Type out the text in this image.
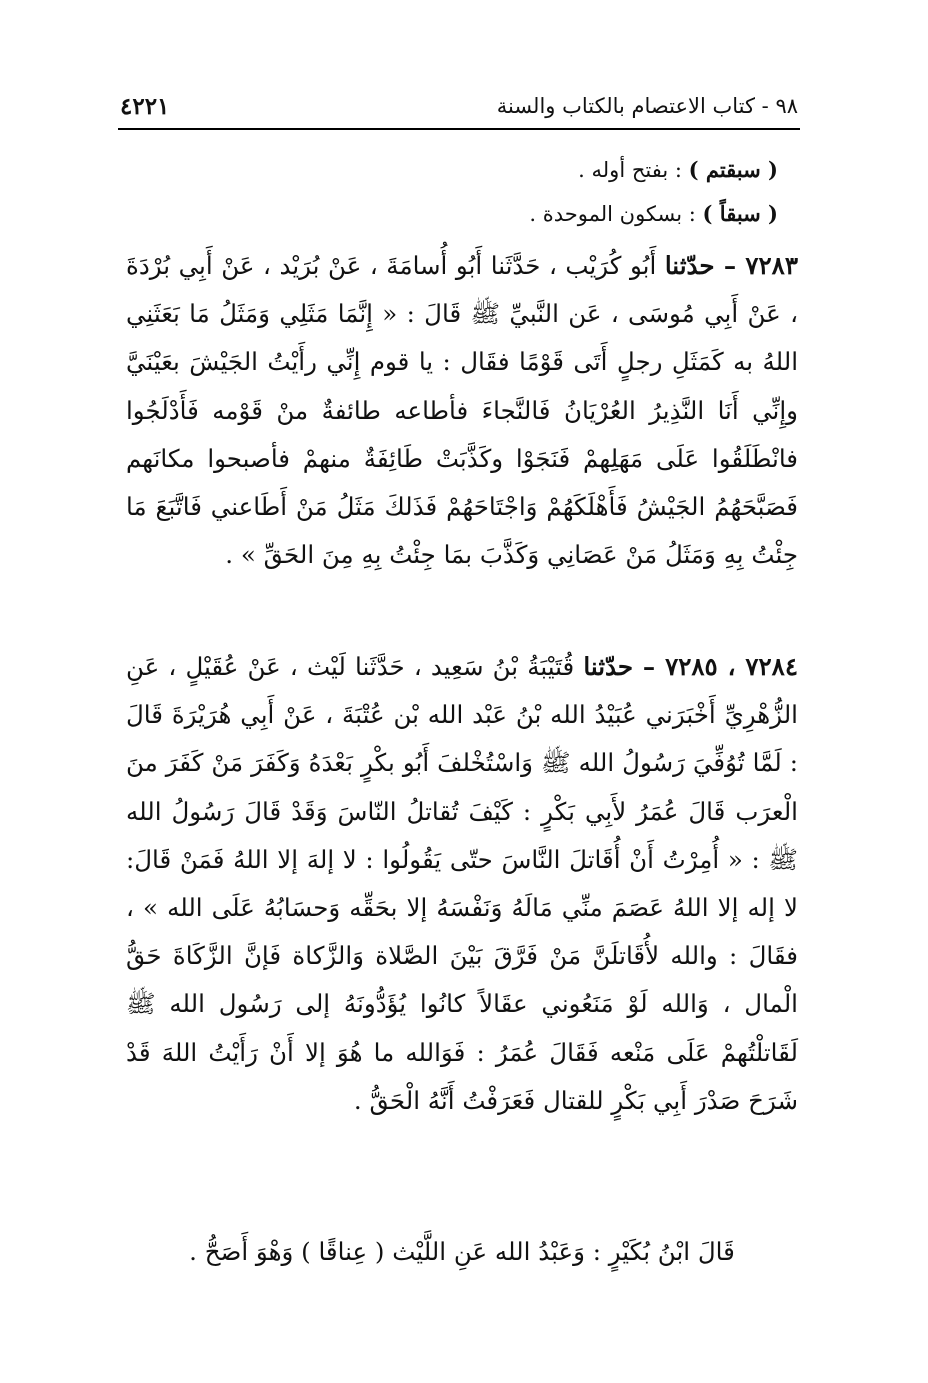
٩٨ - كتاب الاعتصام بالكتاب والسنة
٤٢٢١
( سبقتم ) : بفتح أوله .
( سبقاً ) : بسكون الموحدة .
٧٢٨٣ – حدّثنا أَبُو كُرَيْب ، حَدَّثَنا أَبُو أُسامَةَ ، عَنْ بُرَيْد ، عَنْ أَبِي بُرْدَةَ ، عَنْ أَبِي مُوسَى ، عَن النَّبيِّ ﷺ قَالَ : « إِنَّمَا مَثَلِي وَمَثَلُ مَا بَعَثَنِي اللهُ به كَمَثَلِ رجلٍ أَتَى قَوْمًا فقَال : يا قوم إِنِّي رأَيْتُ الجَيْشَ بعَيْنَيَّ وإِنِّي أَنَا النَّذِيرُ العُرْيَانُ فَالنَّجاءَ فأطاعه طائفةٌ منْ قَوْمه فَأَدْلَجُوا فانْطَلَقُوا عَلَى مَهَلِهمْ فَنَجَوْا وكَذَّبَتْ طَائِفَةٌ منهمْ فأصبحوا مكانَهم فَصَبَّحَهُمُ الجَيْشُ فَأَهْلَكَهُمْ وَاجْتَاحَهُمْ فَذَلكَ مَثَلُ مَنْ أَطَاعني فَاتَّبَعَ مَا جِئْتُ بِهِ وَمَثَلُ مَنْ عَصَانِي وَكَذَّبَ بمَا جِئْتُ بِهِ مِنَ الحَقِّ » .
٧٢٨٤ ، ٧٢٨٥ – حدّثنا قُتَيْبَةُ بْنُ سَعِيد ، حَدَّثَنا لَيْث ، عَنْ عُقَيْلٍ ، عَنِ الزُّهْرِيِّ أَخْبَرَني عُبَيْدُ الله بْنُ عَبْد الله بْن عُتْبَةَ ، عَنْ أَبِي هُرَيْرَةَ قَالَ : لَمَّا تُوُفِّيَ رَسُولُ الله ﷺ وَاسْتُخْلفَ أَبُو بكْرٍ بَعْدَهُ وَكَفَرَ مَنْ كَفَرَ منَ الْعرَب قَالَ عُمَرُ لأَبِي بَكْرٍ : كَيْفَ تُقاتلُ النّاسَ وَقَدْ قَالَ رَسُولُ الله ﷺ : « أُمِرْتُ أَنْ أُقَاتلَ النَّاسَ حتّى يَقُولُوا : لا إلهَ إلا اللهُ فَمَنْ قَالَ: لا إله إلا اللهُ عَصَمَ منِّي مَالَهُ وَنَفْسَهُ إلا بحَقِّه وَحسَابُهُ عَلَى الله » ، فقَالَ : والله لأُقَاتلَنَّ مَنْ فَرَّقَ بَيْنَ الصَّلاة وَالزَّكاة فَإنَّ الزَّكَاةَ حَقُّ الْمال ، وَالله لَوْ مَنَعُوني عقَالاً كانُوا يُؤَدُّونَهُ إلى رَسُول الله ﷺ لَقَاتلْتُهمْ عَلَى مَنْعه فَقَالَ عُمَرُ : فَوَالله ما هُوَ إلا أَنْ رَأَيْتُ اللهَ قَدْ شَرَحَ صَدْرَ أَبِي بَكْرٍ للقتال فَعَرَفْتُ أَنَّهُ الْحَقُّ .
قَالَ ابْنُ بُكَيْرٍ : وَعَبْدُ الله عَنِ اللَّيْث ( عِناقًا ) وَهْوَ أَصَحُّ .
